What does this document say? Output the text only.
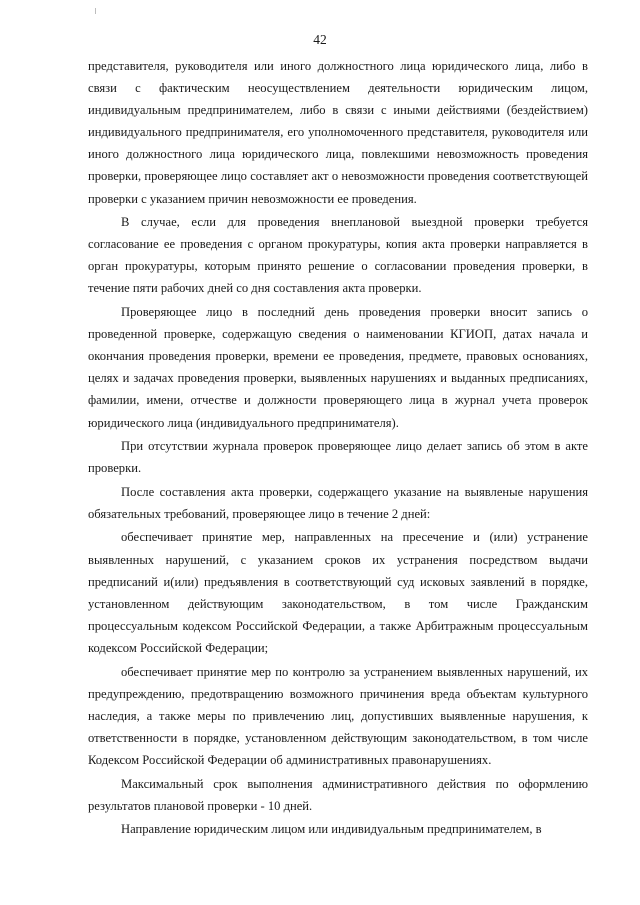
42

представителя, руководителя или иного должностного лица юридического лица, либо в связи с фактическим неосуществлением деятельности юридическим лицом, индивидуальным предпринимателем, либо в связи с иными действиями (бездействием) индивидуального предпринимателя, его уполномоченного представителя, руководителя или иного должностного лица юридического лица, повлекшими невозможность проведения проверки, проверяющее лицо составляет акт о невозможности проведения соответствующей проверки с указанием причин невозможности ее проведения.

В случае, если для проведения внеплановой выездной проверки требуется согласование ее проведения с органом прокуратуры, копия акта проверки направляется в орган прокуратуры, которым принято решение о согласовании проведения проверки, в течение пяти рабочих дней со дня составления акта проверки.

Проверяющее лицо в последний день проведения проверки вносит запись о проведенной проверке, содержащую сведения о наименовании КГИОП, датах начала и окончания проведения проверки, времени ее проведения, предмете, правовых основаниях, целях и задачах проведения проверки, выявленных нарушениях и выданных предписаниях, фамилии, имени, отчестве и должности проверяющего лица в журнал учета проверок юридического лица (индивидуального предпринимателя).

При отсутствии журнала проверок проверяющее лицо делает запись об этом в акте проверки.

После составления акта проверки, содержащего указание на выявленые нарушения обязательных требований, проверяющее лицо в течение 2 дней:

обеспечивает принятие мер, направленных на пресечение и (или) устранение выявленных нарушений, с указанием сроков их устранения посредством выдачи предписаний и(или) предъявления в соответствующий суд исковых заявлений в порядке, установленном действующим законодательством, в том числе Гражданским процессуальным кодексом Российской Федерации, а также Арбитражным процессуальным кодексом Российской Федерации;

обеспечивает принятие мер по контролю за устранением выявленных нарушений, их предупреждению, предотвращению возможного причинения вреда объектам культурного наследия, а также меры по привлечению лиц, допустивших выявленные нарушения, к ответственности в порядке, установленном действующим законодательством, в том числе Кодексом Российской Федерации об административных правонарушениях.

Максимальный срок выполнения административного действия по оформлению результатов плановой проверки - 10 дней.

Направление юридическим лицом или индивидуальным предпринимателем, в
